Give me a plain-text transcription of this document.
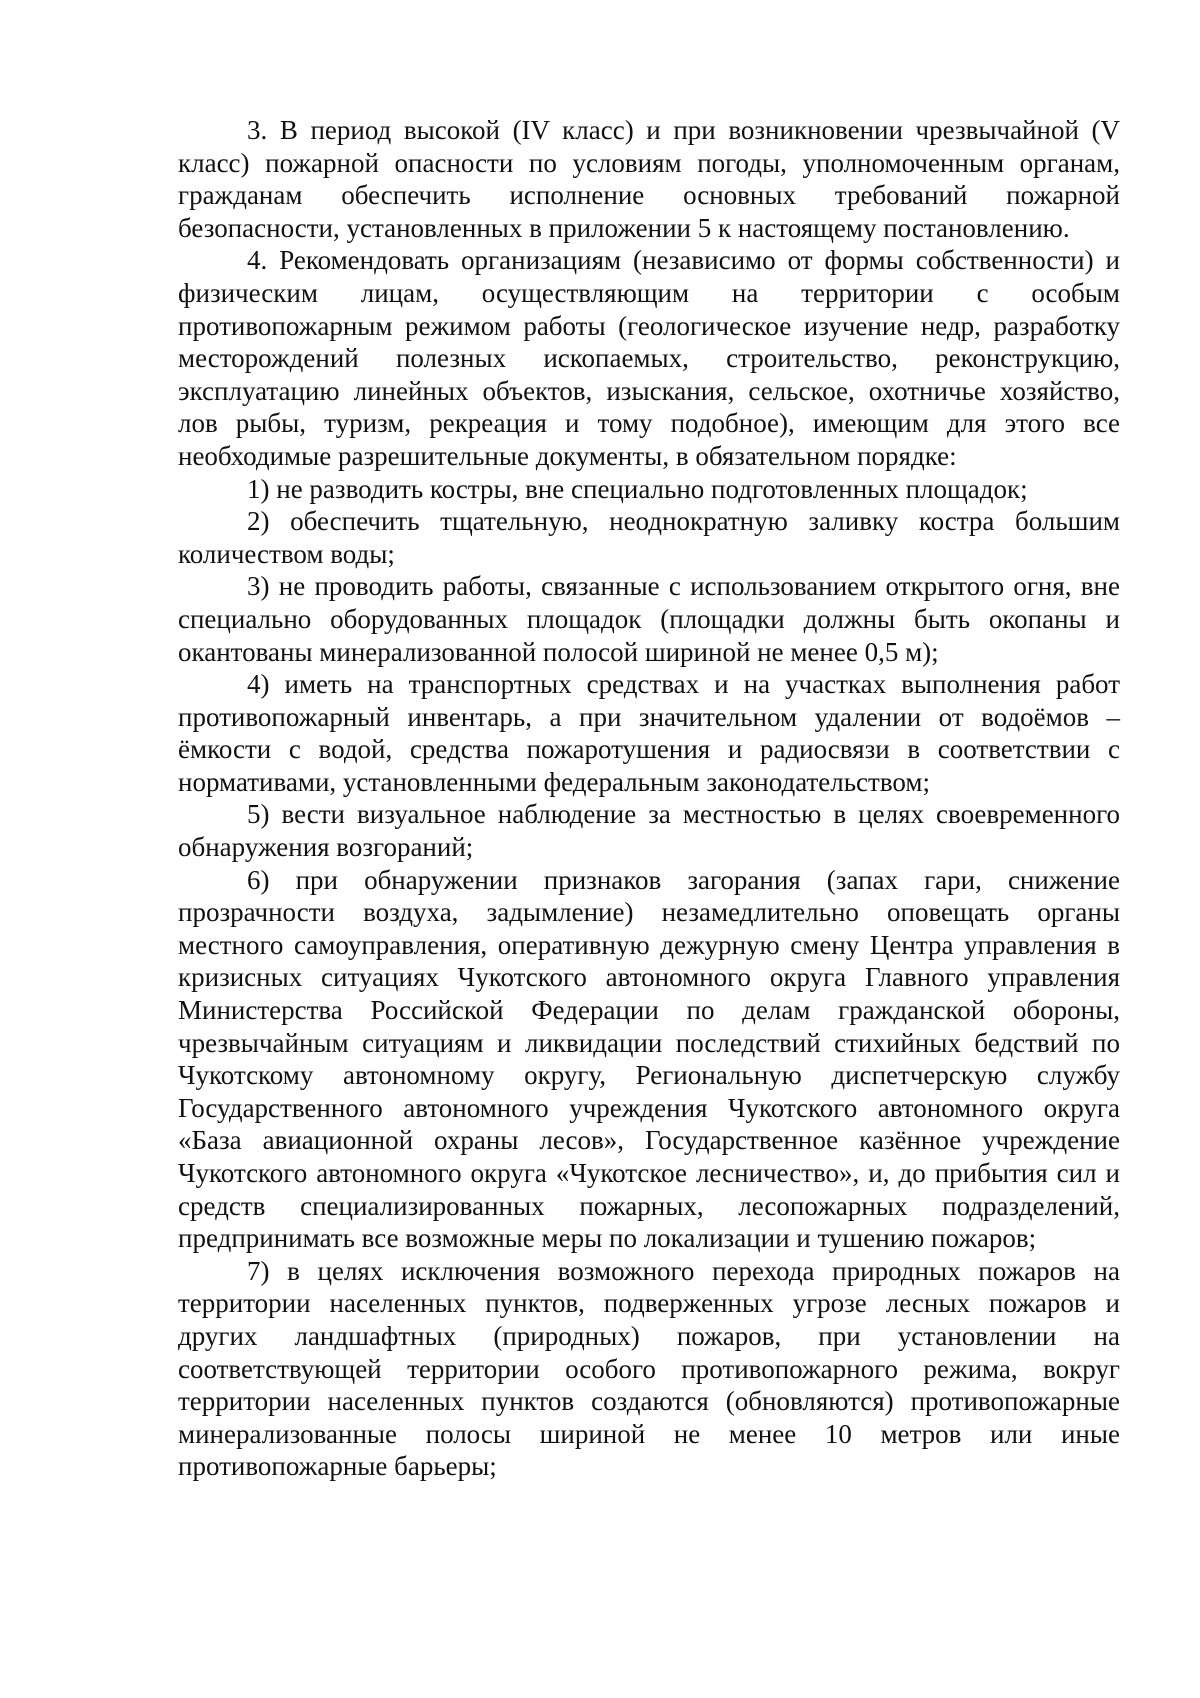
3. В период высокой (IV класс) и при возникновении чрезвычайной (V класс) пожарной опасности по условиям погоды, уполномоченным органам, гражданам обеспечить исполнение основных требований пожарной безопасности, установленных в приложении 5 к настоящему постановлению.

4. Рекомендовать организациям (независимо от формы собственности) и физическим лицам, осуществляющим на территории с особым противопожарным режимом работы (геологическое изучение недр, разработку месторождений полезных ископаемых, строительство, реконструкцию, эксплуатацию линейных объектов, изыскания, сельское, охотничье хозяйство, лов рыбы, туризм, рекреация и тому подобное), имеющим для этого все необходимые разрешительные документы, в обязательном порядке:

1) не разводить костры, вне специально подготовленных площадок;

2) обеспечить тщательную, неоднократную заливку костра большим количеством воды;

3) не проводить работы, связанные с использованием открытого огня, вне специально оборудованных площадок (площадки должны быть окопаны и окантованы минерализованной полосой шириной не менее 0,5 м);

4) иметь на транспортных средствах и на участках выполнения работ противопожарный инвентарь, а при значительном удалении от водоёмов – ёмкости с водой, средства пожаротушения и радиосвязи в соответствии с нормативами, установленными федеральным законодательством;

5) вести визуальное наблюдение за местностью в целях своевременного обнаружения возгораний;

6) при обнаружении признаков загорания (запах гари, снижение прозрачности воздуха, задымление) незамедлительно оповещать органы местного самоуправления, оперативную дежурную смену Центра управления в кризисных ситуациях Чукотского автономного округа Главного управления Министерства Российской Федерации по делам гражданской обороны, чрезвычайным ситуациям и ликвидации последствий стихийных бедствий по Чукотскому автономному округу, Региональную диспетчерскую службу Государственного автономного учреждения Чукотского автономного округа «База авиационной охраны лесов», Государственное казённое учреждение Чукотского автономного округа «Чукотское лесничество», и, до прибытия сил и средств специализированных пожарных, лесопожарных подразделений, предпринимать все возможные меры по локализации и тушению пожаров;

7) в целях исключения возможного перехода природных пожаров на территории населенных пунктов, подверженных угрозе лесных пожаров и других ландшафтных (природных) пожаров, при установлении на соответствующей территории особого противопожарного режима, вокруг территории населенных пунктов создаются (обновляются) противопожарные минерализованные полосы шириной не менее 10 метров или иные противопожарные барьеры;
